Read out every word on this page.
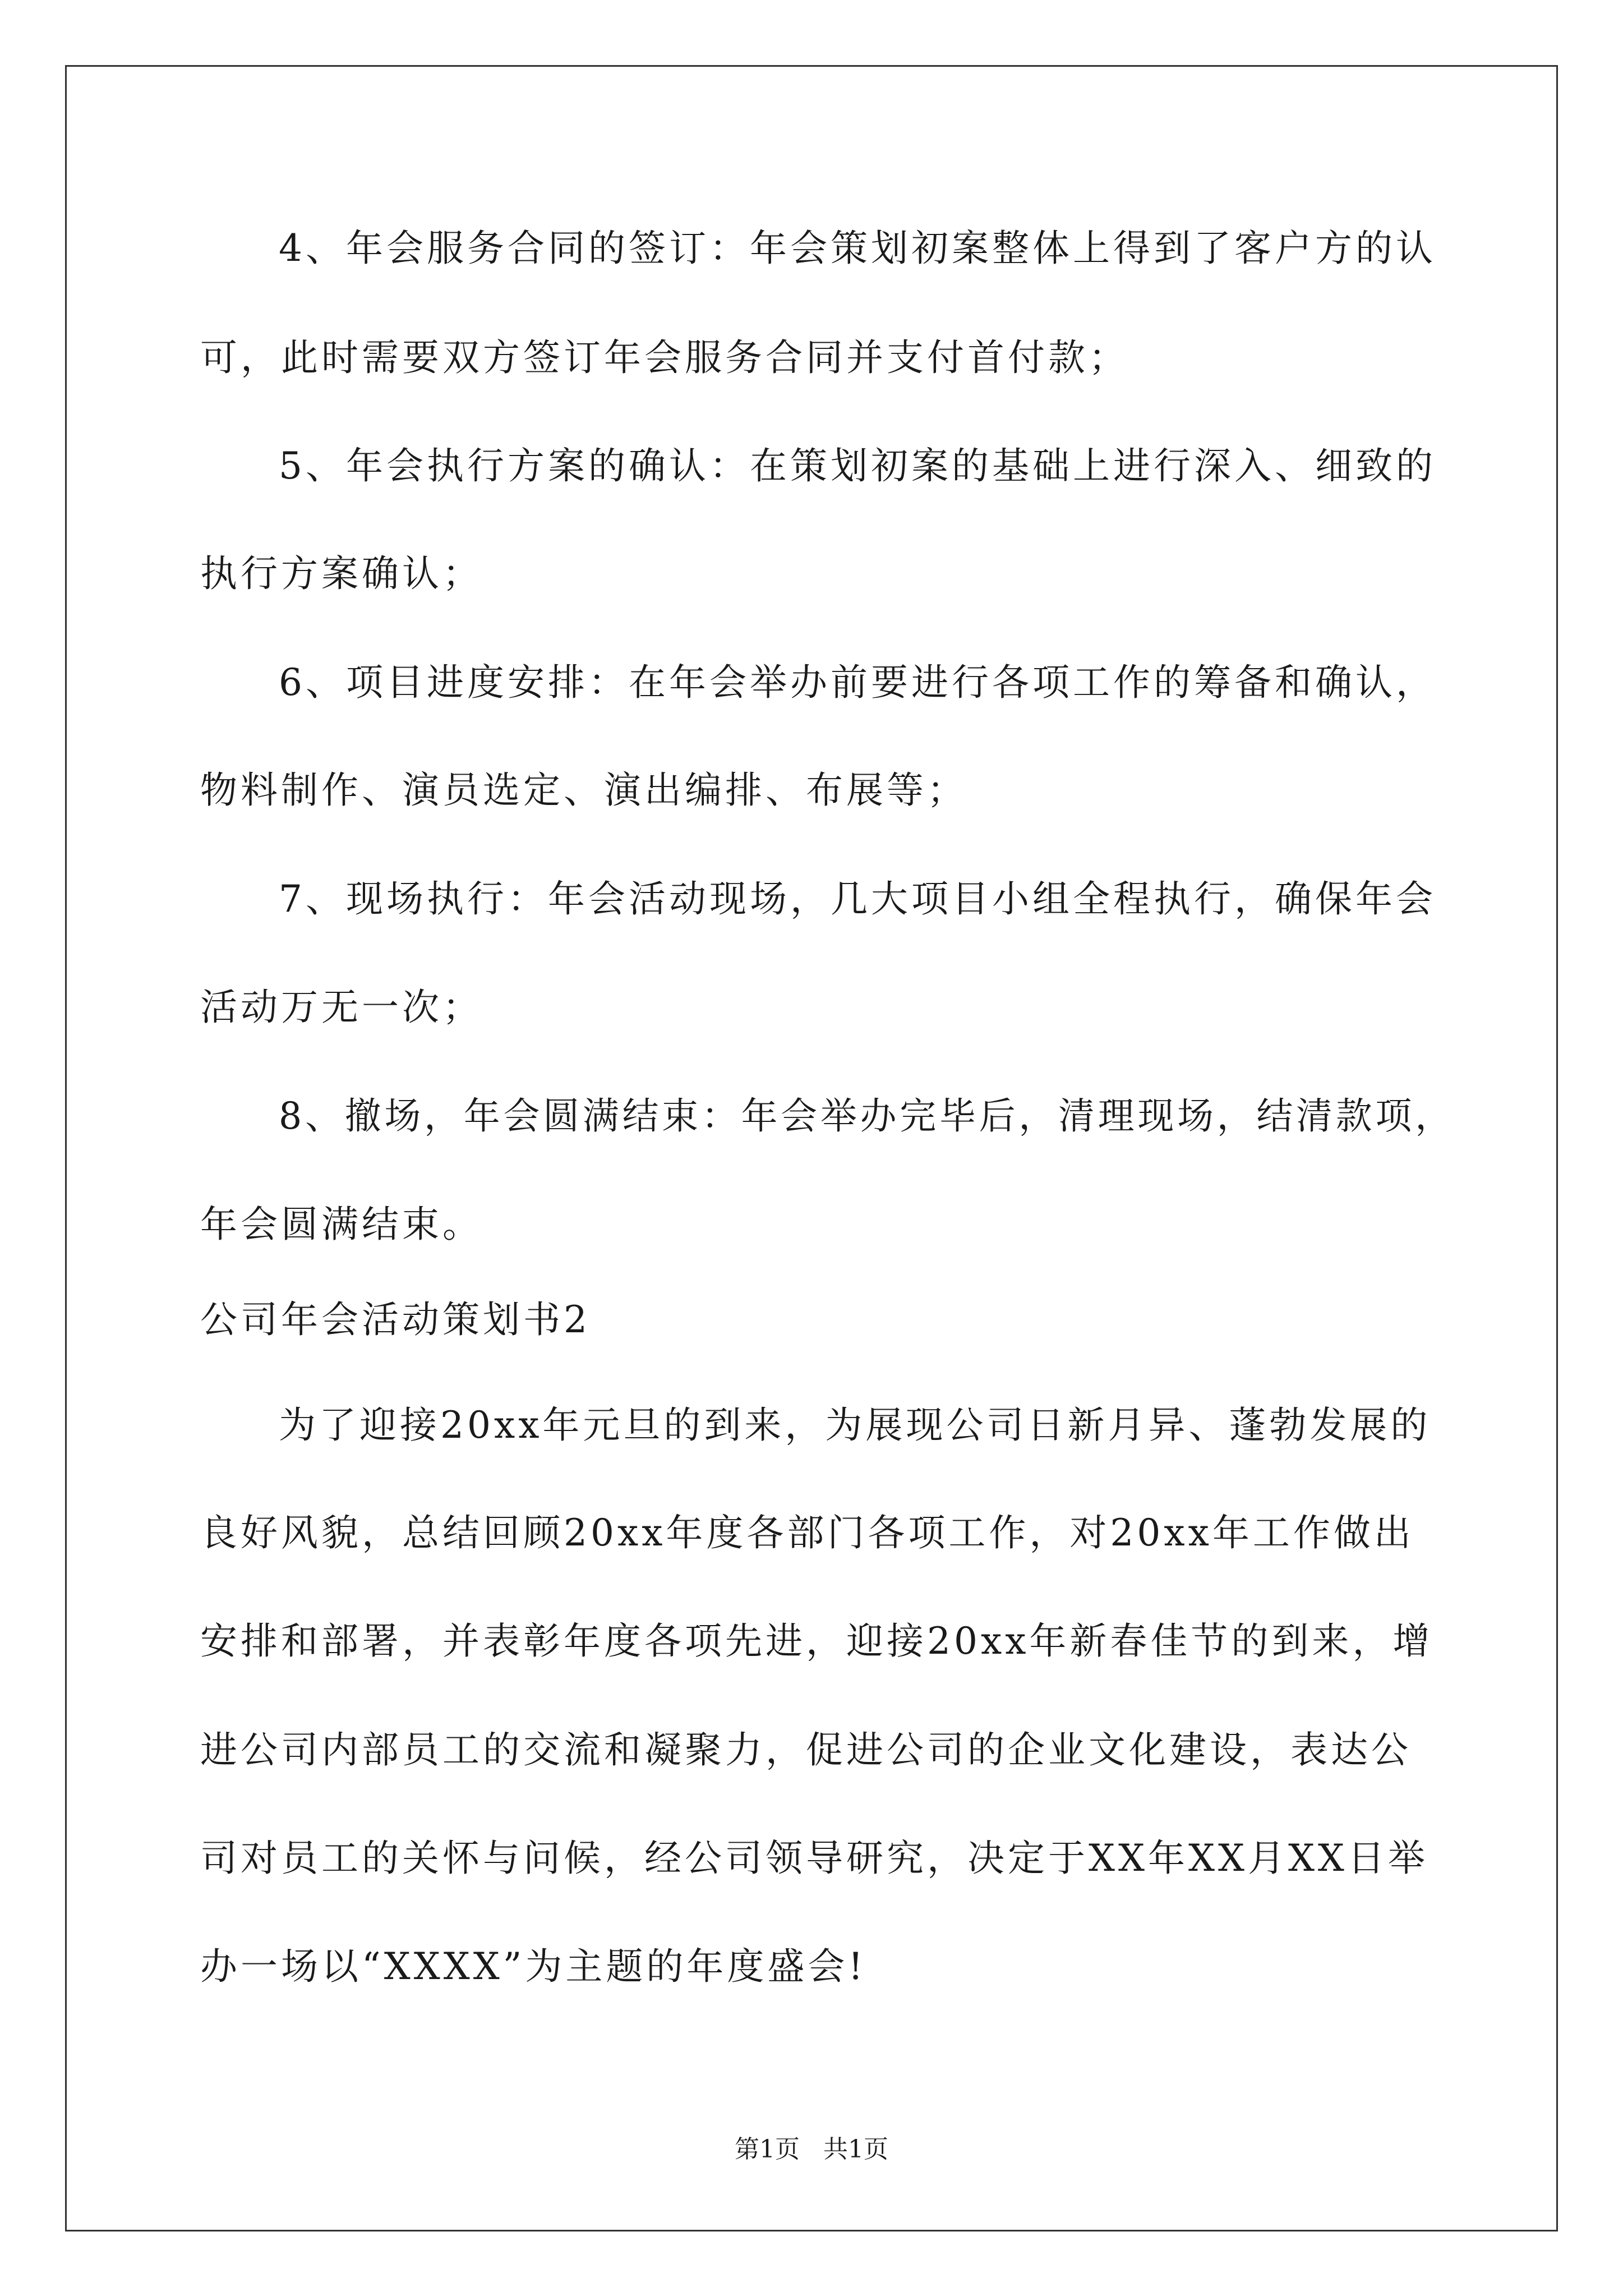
4、年会服务合同的签订：年会策划初案整体上得到了客户方的认
可，此时需要双方签订年会服务合同并支付首付款；
5、年会执行方案的确认：在策划初案的基础上进行深入、细致的
执行方案确认；
6、项目进度安排：在年会举办前要进行各项工作的筹备和确认，
物料制作、演员选定、演出编排、布展等；
7、现场执行：年会活动现场，几大项目小组全程执行，确保年会
活动万无一次；
8、撤场，年会圆满结束：年会举办完毕后，清理现场，结清款项，
年会圆满结束。
公司年会活动策划书2
为了迎接20xx年元旦的到来，为展现公司日新月异、蓬勃发展的
良好风貌，总结回顾20xx年度各部门各项工作，对20xx年工作做出
安排和部署，并表彰年度各项先进，迎接20xx年新春佳节的到来，增
进公司内部员工的交流和凝聚力，促进公司的企业文化建设，表达公
司对员工的关怀与问候，经公司领导研究，决定于XX年XX月XX日举
办一场以“XXXX”为主题的年度盛会!
第1页   共1页
